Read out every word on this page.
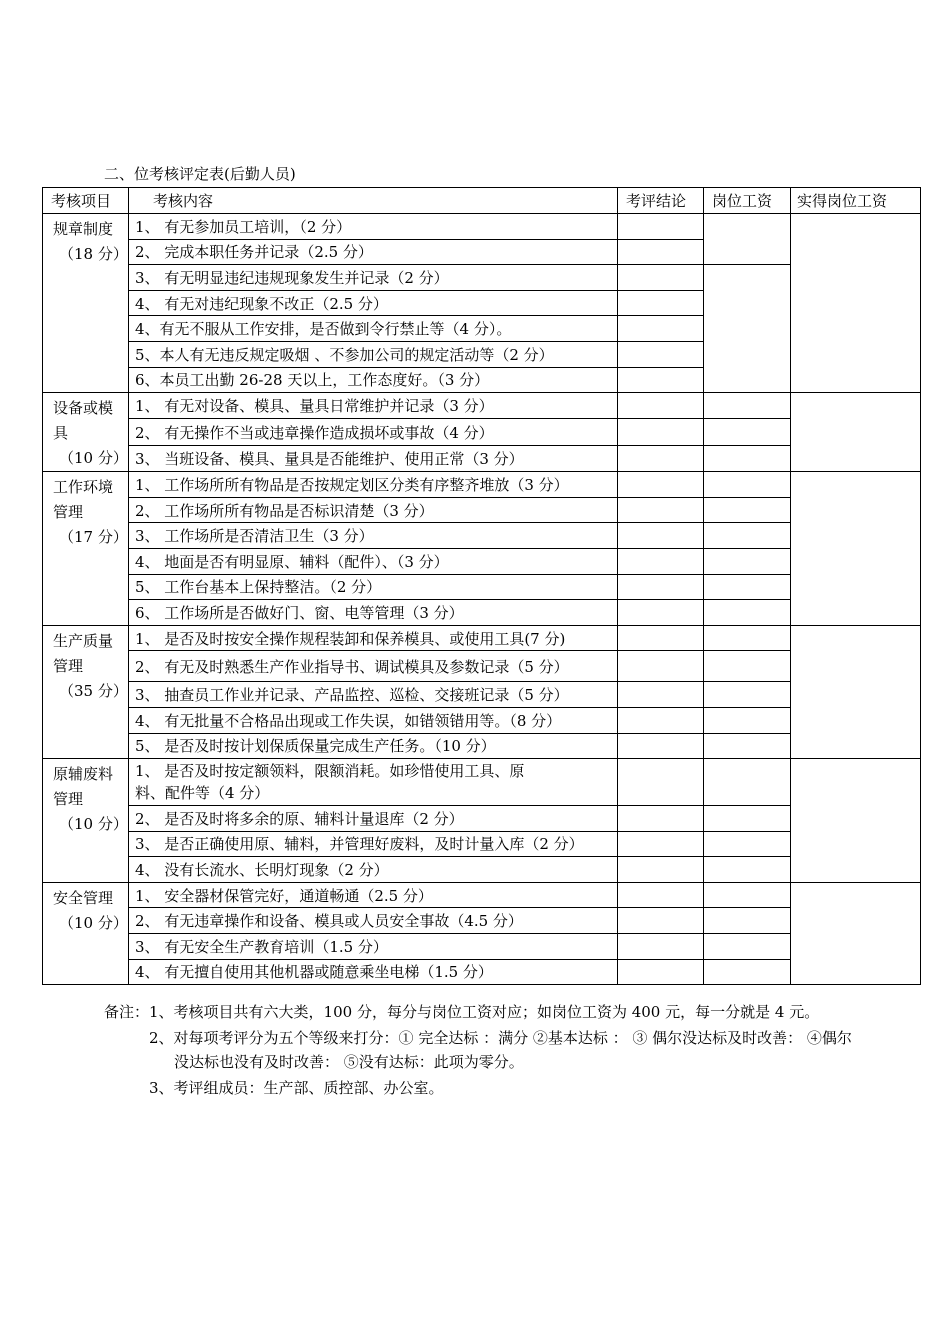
二、位考核评定表(后勤人员)
考核项目	考核内容	考评结论	岗位工资	实得岗位工资

规章制度
（18 分）	1、 有无参加员工培训，（2 分）			
	2、 完成本职任务并记录（2.5 分）			
	3、 有无明显违纪违规现象发生并记录（2 分）			
	4、 有无对违纪现象不改正（2.5 分）			
	4、有无不服从工作安排，是否做到令行禁止等（4 分）。			
	5、本人有无违反规定吸烟 、不参加公司的规定活动等（2 分）			
	6、本员工出勤 26-28 天以上，工作态度好。（3 分）			

设备或模具
（10 分）	1、 有无对设备、模具、量具日常维护并记录（3 分）			
	2、 有无操作不当或违章操作造成损坏或事故（4 分）			
	3、 当班设备、模具、量具是否能维护、使用正常（3 分）			

工作环境管理
（17 分）	1、 工作场所所有物品是否按规定划区分类有序整齐堆放（3 分）			
	2、 工作场所所有物品是否标识清楚（3 分）			
	3、 工作场所是否清洁卫生（3 分）			
	4、 地面是否有明显原、辅料（配件）、（3 分）			
	5、 工作台基本上保持整洁。（2 分）			
	6、 工作场所是否做好门、窗、电等管理（3 分）			

生产质量管理
（35 分）	1、 是否及时按安全操作规程装卸和保养模具、或使用工具(7 分)			
	2、 有无及时熟悉生产作业指导书、调试模具及参数记录（5 分）			
	3、 抽查员工作业并记录、产品监控、巡检、交接班记录（5 分）			
	4、 有无批量不合格品出现或工作失误，如错领错用等。（8 分）			
	5、 是否及时按计划保质保量完成生产任务。（10 分）			

原辅废料管理
（10 分）	1、 是否及时按定额领料，限额消耗。如珍惜使用工具、原料、配件等（4 分）			
	2、 是否及时将多余的原、辅料计量退库（2 分）			
	3、 是否正确使用原、辅料，并管理好废料，及时计量入库（2 分）			
	4、 没有长流水、长明灯现象（2 分）			

安全管理
（10 分）	1、 安全器材保管完好，通道畅通（2.5 分）			
	2、 有无违章操作和设备、模具或人员安全事故（4.5 分）			
	3、 有无安全生产教育培训（1.5 分）			
	4、 有无擅自使用其他机器或随意乘坐电梯（1.5 分）			

备注：1、考核项目共有六大类，100 分，每分与岗位工资对应；如岗位工资为 400 元，每一分就是 4 元。

2、对每项考评分为五个等级来打分：① 完全达标 ：满分 ②基本达标 ： ③ 偶尔没达标及时改善： ④偶尔没达标也没有及时改善： ⑤没有达标：此项为零分。

3、考评组成员：生产部、质控部、办公室。
